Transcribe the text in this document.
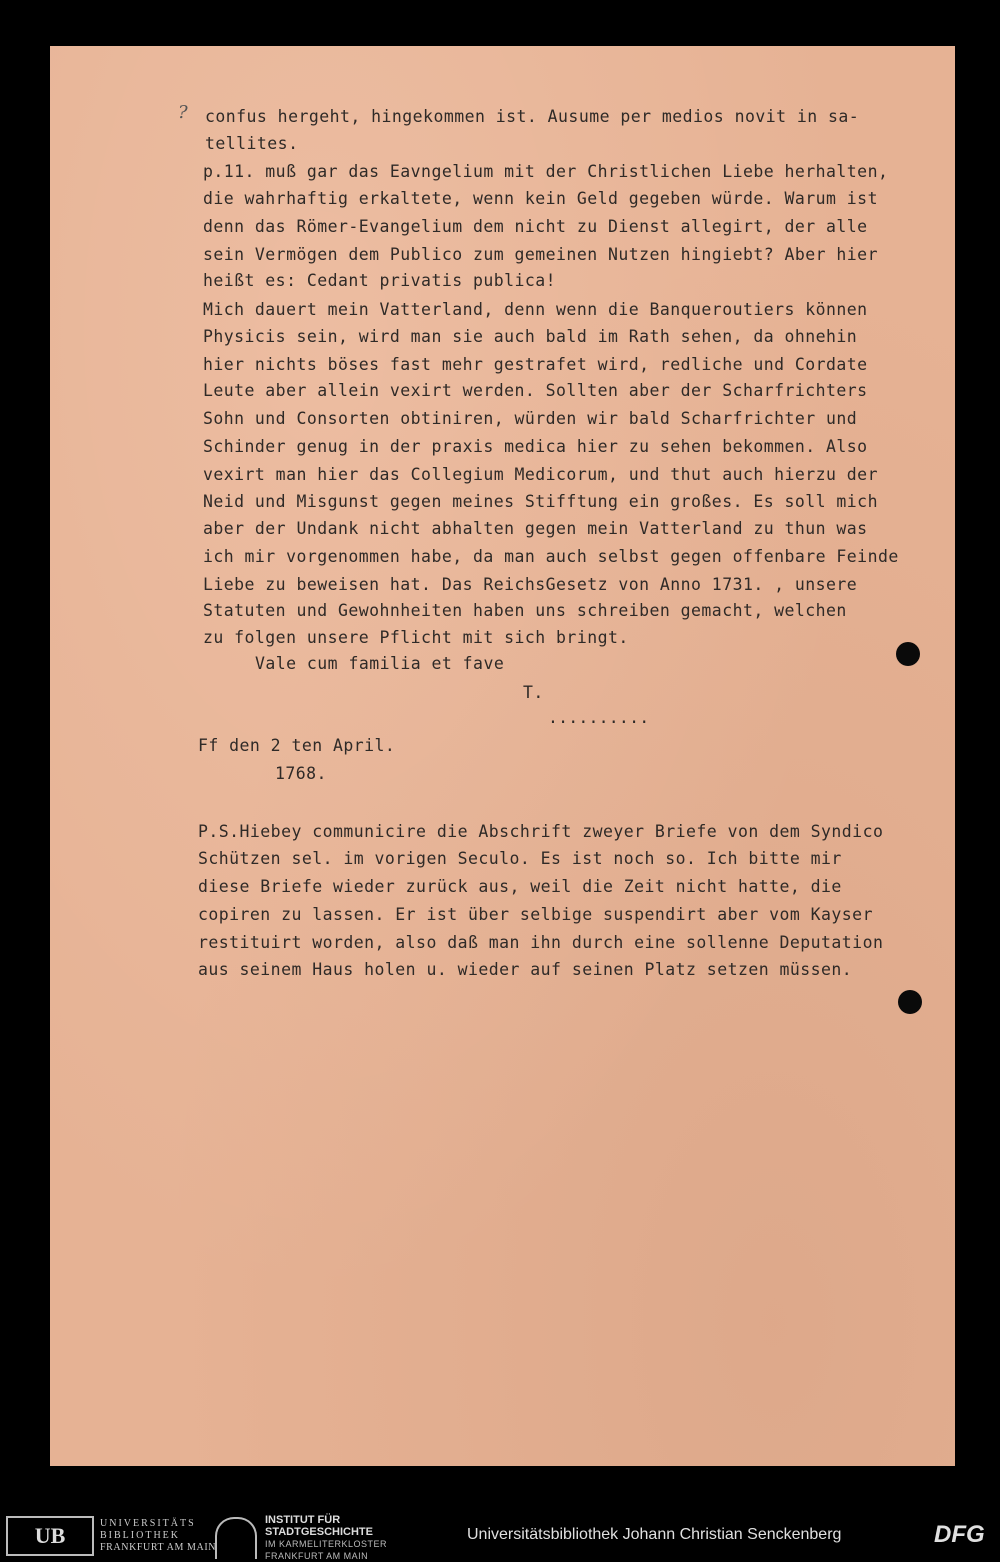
? confus hergeht, hingekommen ist. Ausume per medios novit in sa-
tellites.
p.11. muß gar das Eavngelium mit der Christlichen Liebe herhalten,
die wahrhaftig erkaltete, wenn kein Geld gegeben würde. Warum ist
denn das Römer-Evangelium dem nicht zu Dienst allegirt, der alle
sein Vermögen dem Publico zum gemeinen Nutzen hingiebt? Aber hier
heißt es: Cedant privatis publica!
Mich dauert mein Vatterland, denn wenn die Banqueroutiers können
Physicis sein, wird man sie auch bald im Rath sehen, da ohnehin
hier nichts böses fast mehr gestrafet wird, redliche und Cordate
Leute aber allein vexirt werden. Sollten aber der Scharfrichters
Sohn und Consorten obtiniren, würden wir bald Scharfrichter und
Schinder genug in der praxis medica hier zu sehen bekommen. Also
vexirt man hier das Collegium Medicorum, und thut auch hierzu der
Neid und Misgunst gegen meines Stifftung ein großes. Es soll mich
aber der Undank nicht abhalten gegen mein Vatterland zu thun was
ich mir vorgenommen habe, da man auch selbst gegen offenbare Feinde
Liebe zu beweisen hat. Das ReichsGesetz von Anno 1731. , unsere
Statuten und Gewohnheiten haben uns schreiben gemacht, welchen
zu folgen unsere Pflicht mit sich bringt.
Vale cum familia et fave
T.
..........
Ff den 2 ten April.
1768.
P.S.Hiebey communicire die Abschrift zweyer Briefe von dem Syndico
Schützen sel. im vorigen Seculo. Es ist noch so. Ich bitte mir
diese Briefe wieder zurück aus, weil die Zeit nicht hatte, die
copiren zu lassen. Er ist über selbige suspendirt aber vom Kayser
restituirt worden, also daß man ihn durch eine sollenne Deputation
aus seinem Haus holen u. wieder auf seinen Platz setzen müssen.
UB	UNIVERSITÄTS
BIBLIOTHEK
FRANKFURT AM MAIN
INSTITUT FÜR
STADTGESCHICHTE
IM KARMELITERKLOSTER
FRANKFURT AM MAIN
Universitätsbibliothek Johann Christian Senckenberg	DFG
